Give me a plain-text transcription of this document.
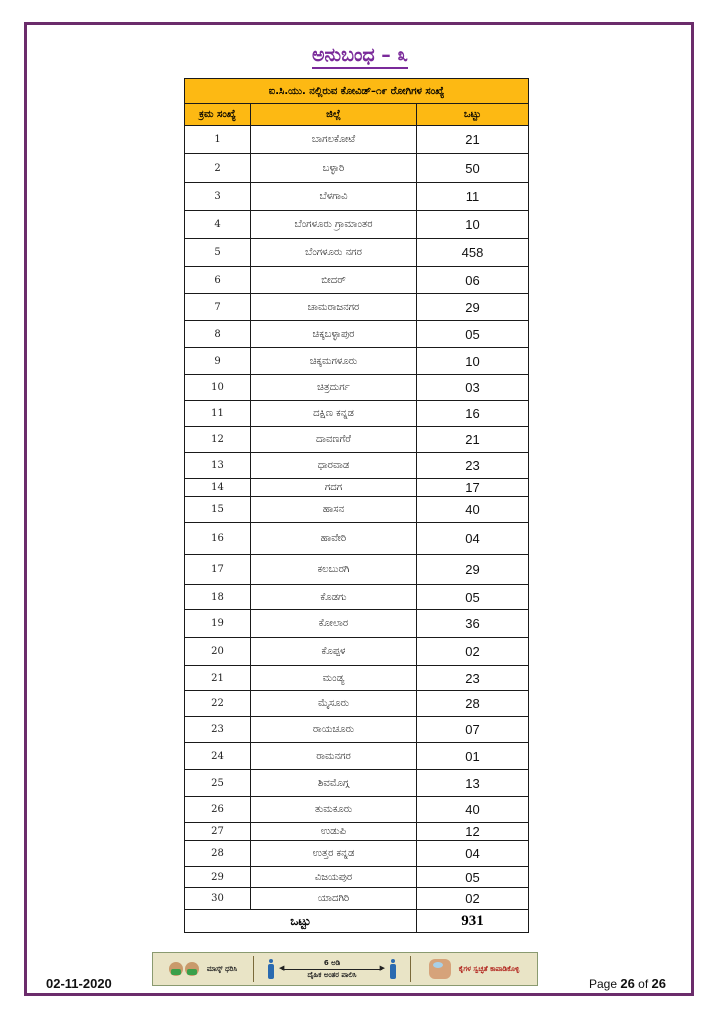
ಅನುಬಂಧ – ೩
ಐ.ಸಿ.ಯು. ನಲ್ಲಿರುವ ಕೋವಿಡ್–೧೯ ರೋಗಿಗಳ ಸಂಖ್ಯೆ		
ಕ್ರಮ ಸಂಖ್ಯೆ	ಜಿಲ್ಲೆ	ಒಟ್ಟು
1	ಬಾಗಲಕೋಟೆ	21
2	ಬಳ್ಳಾರಿ	50
3	ಬೆಳಗಾವಿ	11
4	ಬೆಂಗಳೂರು ಗ್ರಾಮಾಂತರ	10
5	ಬೆಂಗಳೂರು ನಗರ	458
6	ಬೀದರ್	06
7	ಚಾಮರಾಜನಗರ	29
8	ಚಿಕ್ಕಬಳ್ಳಾಪುರ	05
9	ಚಿಕ್ಕಮಗಳೂರು	10
10	ಚಿತ್ರದುರ್ಗ	03
11	ದಕ್ಷಿಣ ಕನ್ನಡ	16
12	ದಾವಣಗೆರೆ	21
13	ಧಾರವಾಡ	23
14	ಗದಗ	17
15	ಹಾಸನ	40
16	ಹಾವೇರಿ	04
17	ಕಲಬುರಗಿ	29
18	ಕೊಡಗು	05
19	ಕೋಲಾರ	36
20	ಕೊಪ್ಪಳ	02
21	ಮಂಡ್ಯ	23
22	ಮೈಸೂರು	28
23	ರಾಯಚೂರು	07
24	ರಾಮನಗರ	01
25	ಶಿವಮೊಗ್ಗ	13
26	ತುಮಕೂರು	40
27	ಉಡುಪಿ	12
28	ಉತ್ತರ ಕನ್ನಡ	04
29	ವಿಜಯಪುರ	05
30	ಯಾದಗಿರಿ	02
ಒಟ್ಟು		931
ಮಾಸ್ಕ್ ಧರಿಸಿ
6 ಅಡಿ
◀ ▶
ದೈಹಿಕ ಅಂತರ ಪಾಲಿಸಿ
ಕೈಗಳ ಸ್ವಚ್ಛತೆ ಕಾಪಾಡಿಕೊಳ್ಳಿ
02-11-2020	Page 26 of 26
